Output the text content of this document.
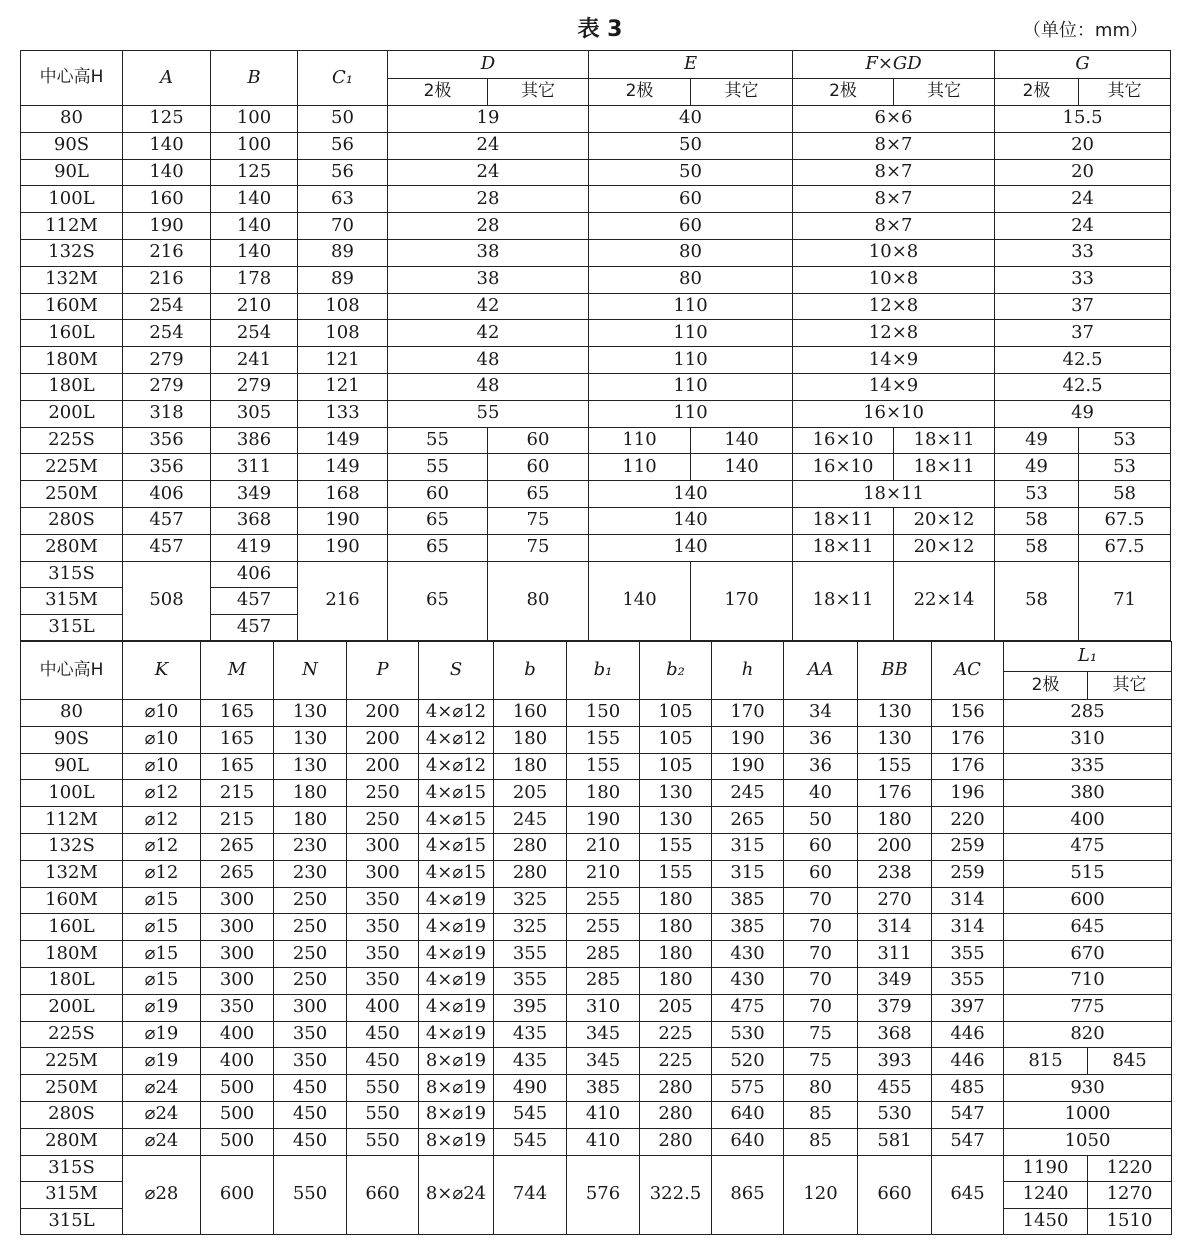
表 3	（单位：mm）
中心高H	A	B	C₁	D		E		F×GD		G	
				2极	其它	2极	其它	2极	其它	2极	其它
80	125	100	50	19		40		6×6		15.5	
90S	140	100	56	24		50		8×7		20	
90L	140	125	56	24		50		8×7		20	
100L	160	140	63	28		60		8×7		24	
112M	190	140	70	28		60		8×7		24	
132S	216	140	89	38		80		10×8		33	
132M	216	178	89	38		80		10×8		33	
160M	254	210	108	42		110		12×8		37	
160L	254	254	108	42		110		12×8		37	
180M	279	241	121	48		110		14×9		42.5	
180L	279	279	121	48		110		14×9		42.5	
200L	318	305	133	55		110		16×10		49	
225S	356	386	149	55	60	110	140	16×10	18×11	49	53
225M	356	311	149	55	60	110	140	16×10	18×11	49	53
250M	406	349	168	60	65	140		18×11		53	58
280S	457	368	190	65	75	140		18×11	20×12	58	67.5
280M	457	419	190	65	75	140		18×11	20×12	58	67.5
315S	508	406	216	65	80	140	170	18×11	22×14	58	71
315M		457									
315L		457									
中心高H	K	M	N	P	S	b	b₁	b₂	h	AA	BB	AC	L₁	
													2极	其它
80	⌀10	165	130	200	4×⌀12	160	150	105	170	34	130	156	285	
90S	⌀10	165	130	200	4×⌀12	180	155	105	190	36	130	176	310	
90L	⌀10	165	130	200	4×⌀12	180	155	105	190	36	155	176	335	
100L	⌀12	215	180	250	4×⌀15	205	180	130	245	40	176	196	380	
112M	⌀12	215	180	250	4×⌀15	245	190	130	265	50	180	220	400	
132S	⌀12	265	230	300	4×⌀15	280	210	155	315	60	200	259	475	
132M	⌀12	265	230	300	4×⌀15	280	210	155	315	60	238	259	515	
160M	⌀15	300	250	350	4×⌀19	325	255	180	385	70	270	314	600	
160L	⌀15	300	250	350	4×⌀19	325	255	180	385	70	314	314	645	
180M	⌀15	300	250	350	4×⌀19	355	285	180	430	70	311	355	670	
180L	⌀15	300	250	350	4×⌀19	355	285	180	430	70	349	355	710	
200L	⌀19	350	300	400	4×⌀19	395	310	205	475	70	379	397	775	
225S	⌀19	400	350	450	4×⌀19	435	345	225	530	75	368	446	820	
225M	⌀19	400	350	450	8×⌀19	435	345	225	520	75	393	446	815	845
250M	⌀24	500	450	550	8×⌀19	490	385	280	575	80	455	485	930	
280S	⌀24	500	450	550	8×⌀19	545	410	280	640	85	530	547	1000	
280M	⌀24	500	450	550	8×⌀19	545	410	280	640	85	581	547	1050	
315S	⌀28	600	550	660	8×⌀24	744	576	322.5	865	120	660	645	1190	1220
315M													1240	1270
315L													1450	1510
